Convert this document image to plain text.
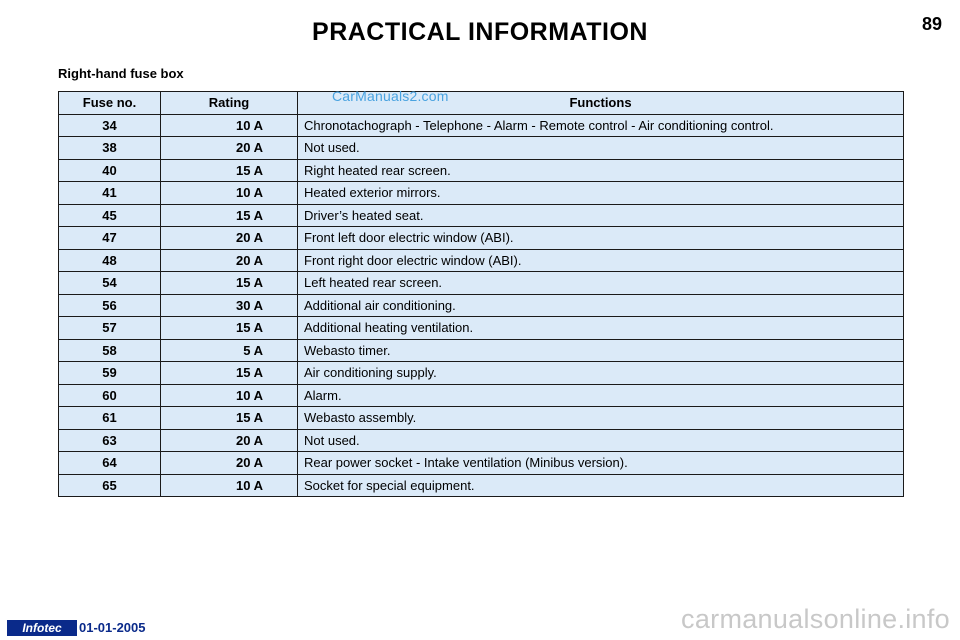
PRACTICAL INFORMATION	89
Right-hand fuse box
Fuse no.	Rating	Functions
34	10 A	Chronotachograph - Telephone - Alarm - Remote control - Air conditioning control.
38	20 A	Not used.
40	15 A	Right heated rear screen.
41	10 A	Heated exterior mirrors.
45	15 A	Driver’s heated seat.
47	20 A	Front left door electric window (ABI).
48	20 A	Front right door electric window (ABI).
54	15 A	Left heated rear screen.
56	30 A	Additional air conditioning.
57	15 A	Additional heating ventilation.
58	5 A	Webasto timer.
59	15 A	Air conditioning supply.
60	10 A	Alarm.
61	15 A	Webasto assembly.
63	20 A	Not used.
64	20 A	Rear power socket - Intake ventilation (Minibus version).
65	10 A	Socket for special equipment.
CarManuals2.com
Infotec	01-01-2005	carmanualsonline.info
